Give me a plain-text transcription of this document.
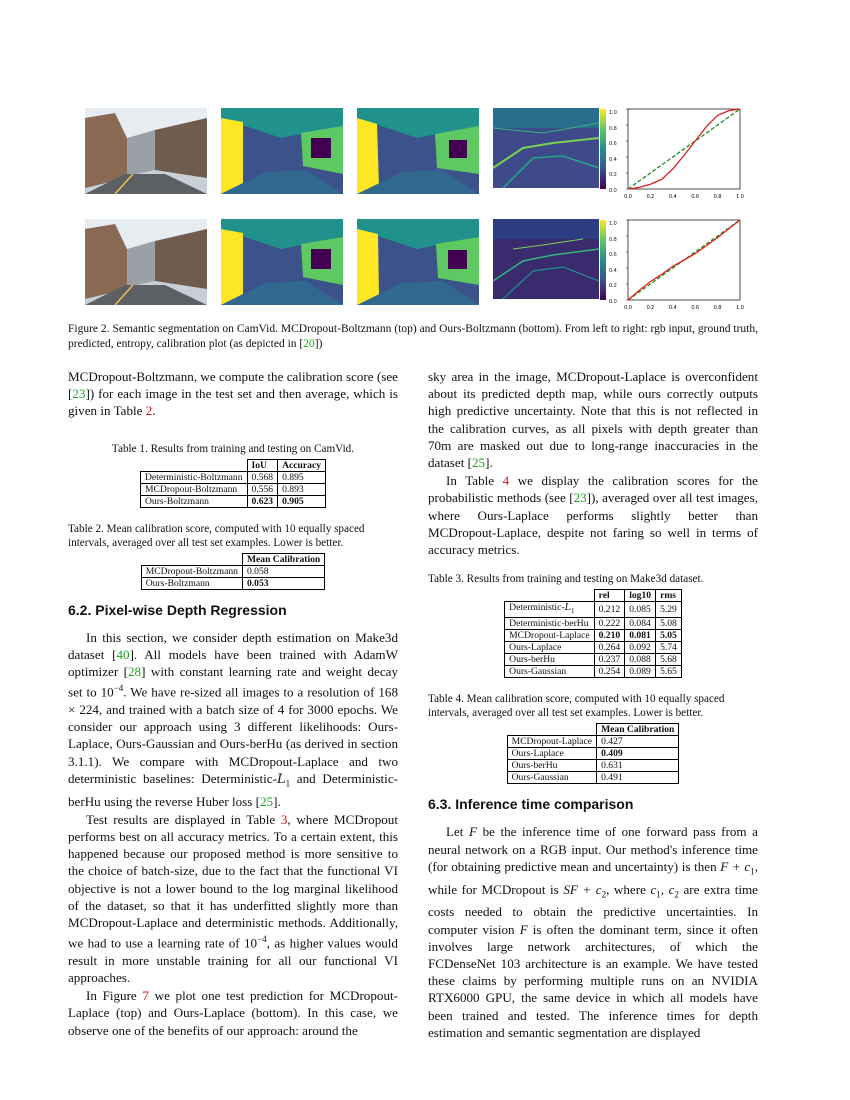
1.0
0.8
0.6
0.4
0.2
0.0
0.0	0.2	0.4	0.6	0.8	1.0
1.0
0.8
0.6
0.4
0.2
0.0
0.0	0.2	0.4	0.6	0.8	1.0
Figure 2. Semantic segmentation on CamVid. MCDropout-Boltzmann (top) and Ours-Boltzmann (bottom). From left to right: rgb input, ground truth, predicted, entropy, calibration plot (as depicted in [20])

MCDropout-Boltzmann, we compute the calibration score (see [23]) for each image in the test set and then average, which is given in Table 2.

Table 1. Results from training and testing on CamVid.
	IoU	Accuracy
Deterministic-Boltzmann	0.568	0.895
MCDropout-Boltzmann	0.556	0.893
Ours-Boltzmann	0.623	0.905
Table 2. Mean calibration score, computed with 10 equally spaced intervals, averaged over all test set examples. Lower is better.
	Mean Calibration
MCDropout-Boltzmann	0.058
Ours-Boltzmann	0.053
6.2. Pixel-wise Depth Regression

In this section, we consider depth estimation on Make3d dataset [40]. All models have been trained with AdamW optimizer [28] with constant learning rate and weight decay set to $10^{-4}$. We have re-sized all images to a resolution of 168 × 224, and trained with a batch size of 4 for 3000 epochs. We consider our approach using 3 different likelihoods: Ours-Laplace, Ours-Gaussian and Ours-berHu (as derived in section 3.1.1). We compare with MCDropout-Laplace and two deterministic baselines: Deterministic-$L_1$ and Deterministic-berHu using the reverse Huber loss [25].

Test results are displayed in Table 3, where MCDropout performs best on all accuracy metrics. To a certain extent, this happened because our proposed method is more sensitive to the choice of batch-size, due to the fact that the functional VI objective is not a lower bound to the log marginal likelihood of the dataset, so that it has underfitted slightly more than MCDropout-Laplace and deterministic methods. Additionally, we had to use a learning rate of $10^{-4}$, as higher values would result in more unstable training for all our functional VI approaches.

In Figure 7 we plot one test prediction for MCDropout-Laplace (top) and Ours-Laplace (bottom). In this case, we observe one of the benefits of our approach: around the

sky area in the image, MCDropout-Laplace is overconfident about its predicted depth map, while ours correctly outputs high predictive uncertainty. Note that this is not reflected in the calibration curves, as all pixels with depth greater than 70m are masked out due to long-range inaccuracies in the dataset [25].

In Table 4 we display the calibration scores for the probabilistic methods (see [23]), averaged over all test images, where Ours-Laplace performs slightly better than MCDropout-Laplace, despite not faring so well in terms of accuracy metrics.

Table 3. Results from training and testing on Make3d dataset.
	rel	log10	rms
Deterministic-$L_1$	0.212	0.085	5.29
Deterministic-berHu	0.222	0.084	5.08
MCDropout-Laplace	0.210	0.081	5.05
Ours-Laplace	0.264	0.092	5.74
Ours-berHu	0.237	0.088	5.68
Ours-Gaussian	0.254	0.089	5.65
Table 4. Mean calibration score, computed with 10 equally spaced intervals, averaged over all test set examples. Lower is better.
	Mean Calibration
MCDropout-Laplace	0.427
Ours-Laplace	0.409
Ours-berHu	0.631
Ours-Gaussian	0.491
6.3. Inference time comparison

Let F be the inference time of one forward pass from a neural network on a RGB input. Our method's inference time (for obtaining predictive mean and uncertainty) is then $F + c_1$, while for MCDropout is SF + $c_2$, where $c_1$, $c_2$ are extra time costs needed to obtain the predictive uncertainties. In computer vision F is often the dominant term, since it often involves large network architectures, of which the FCDenseNet 103 architecture is an example. We have tested these claims by performing multiple runs on an NVIDIA RTX6000 GPU, the same device in which all models have been trained and tested. The inference times for depth estimation and semantic segmentation are displayed
